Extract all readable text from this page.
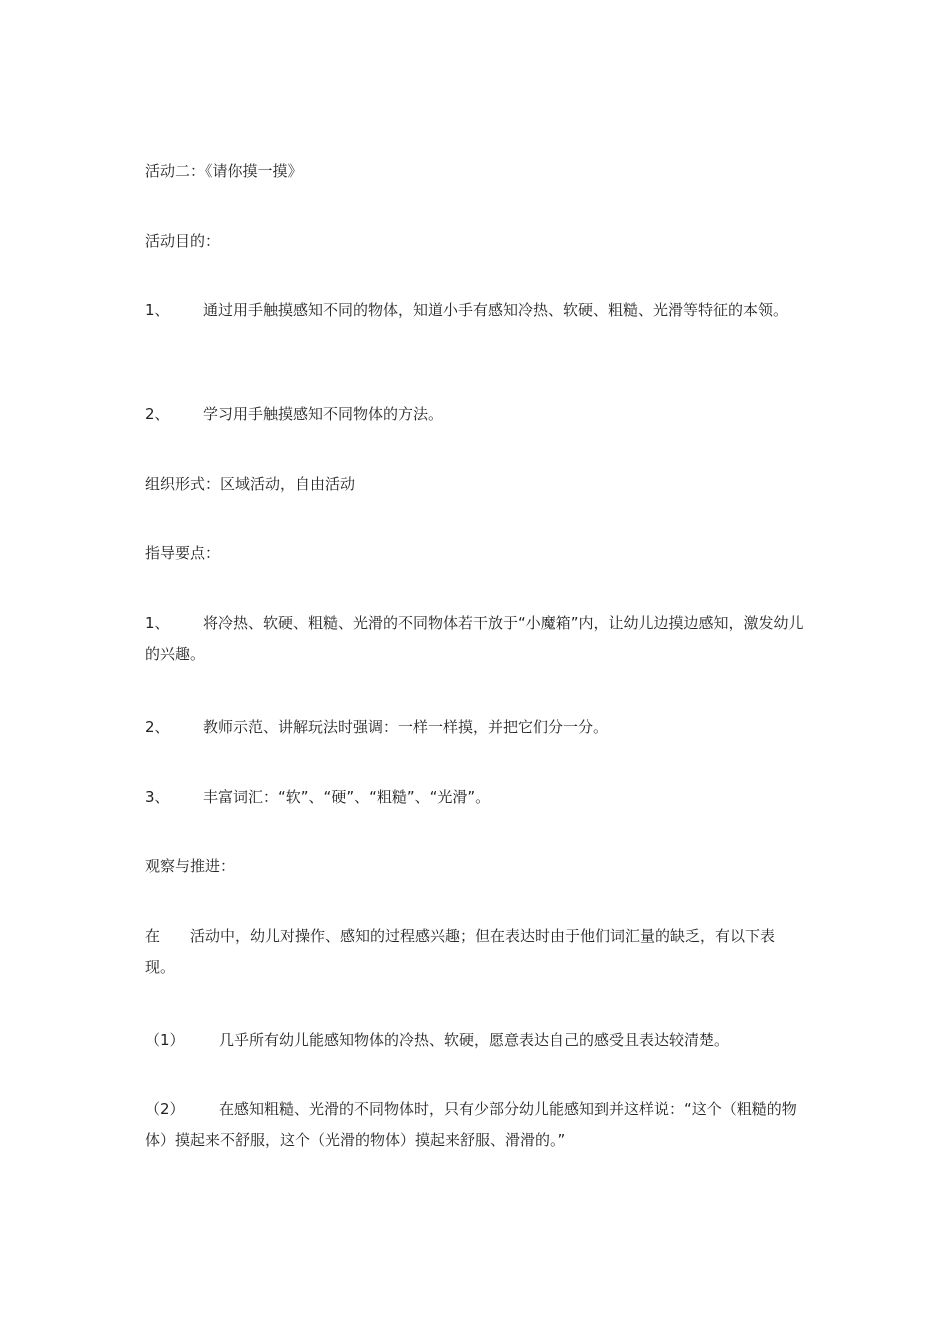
活动二：《请你摸一摸》
活动目的：
1、 通过用手触摸感知不同的物体，知道小手有感知冷热、软硬、粗糙、光滑等特征的本领。
2、 学习用手触摸感知不同物体的方法。
组织形式：区域活动，自由活动
指导要点：
1、 将冷热、软硬、粗糙、光滑的不同物体若干放于“小魔箱”内，让幼儿边摸边感知，激发幼儿的兴趣。
2、 教师示范、讲解玩法时强调：一样一样摸，并把它们分一分。
3、 丰富词汇：“软”、“硬”、“粗糙”、“光滑”。
观察与推进：
在 活动中，幼儿对操作、感知的过程感兴趣；但在表达时由于他们词汇量的缺乏，有以下表现。
（1） 几乎所有幼儿能感知物体的冷热、软硬，愿意表达自己的感受且表达较清楚。
（2） 在感知粗糙、光滑的不同物体时，只有少部分幼儿能感知到并这样说：“这个（粗糙的物体）摸起来不舒服，这个（光滑的物体）摸起来舒服、滑滑的。”
